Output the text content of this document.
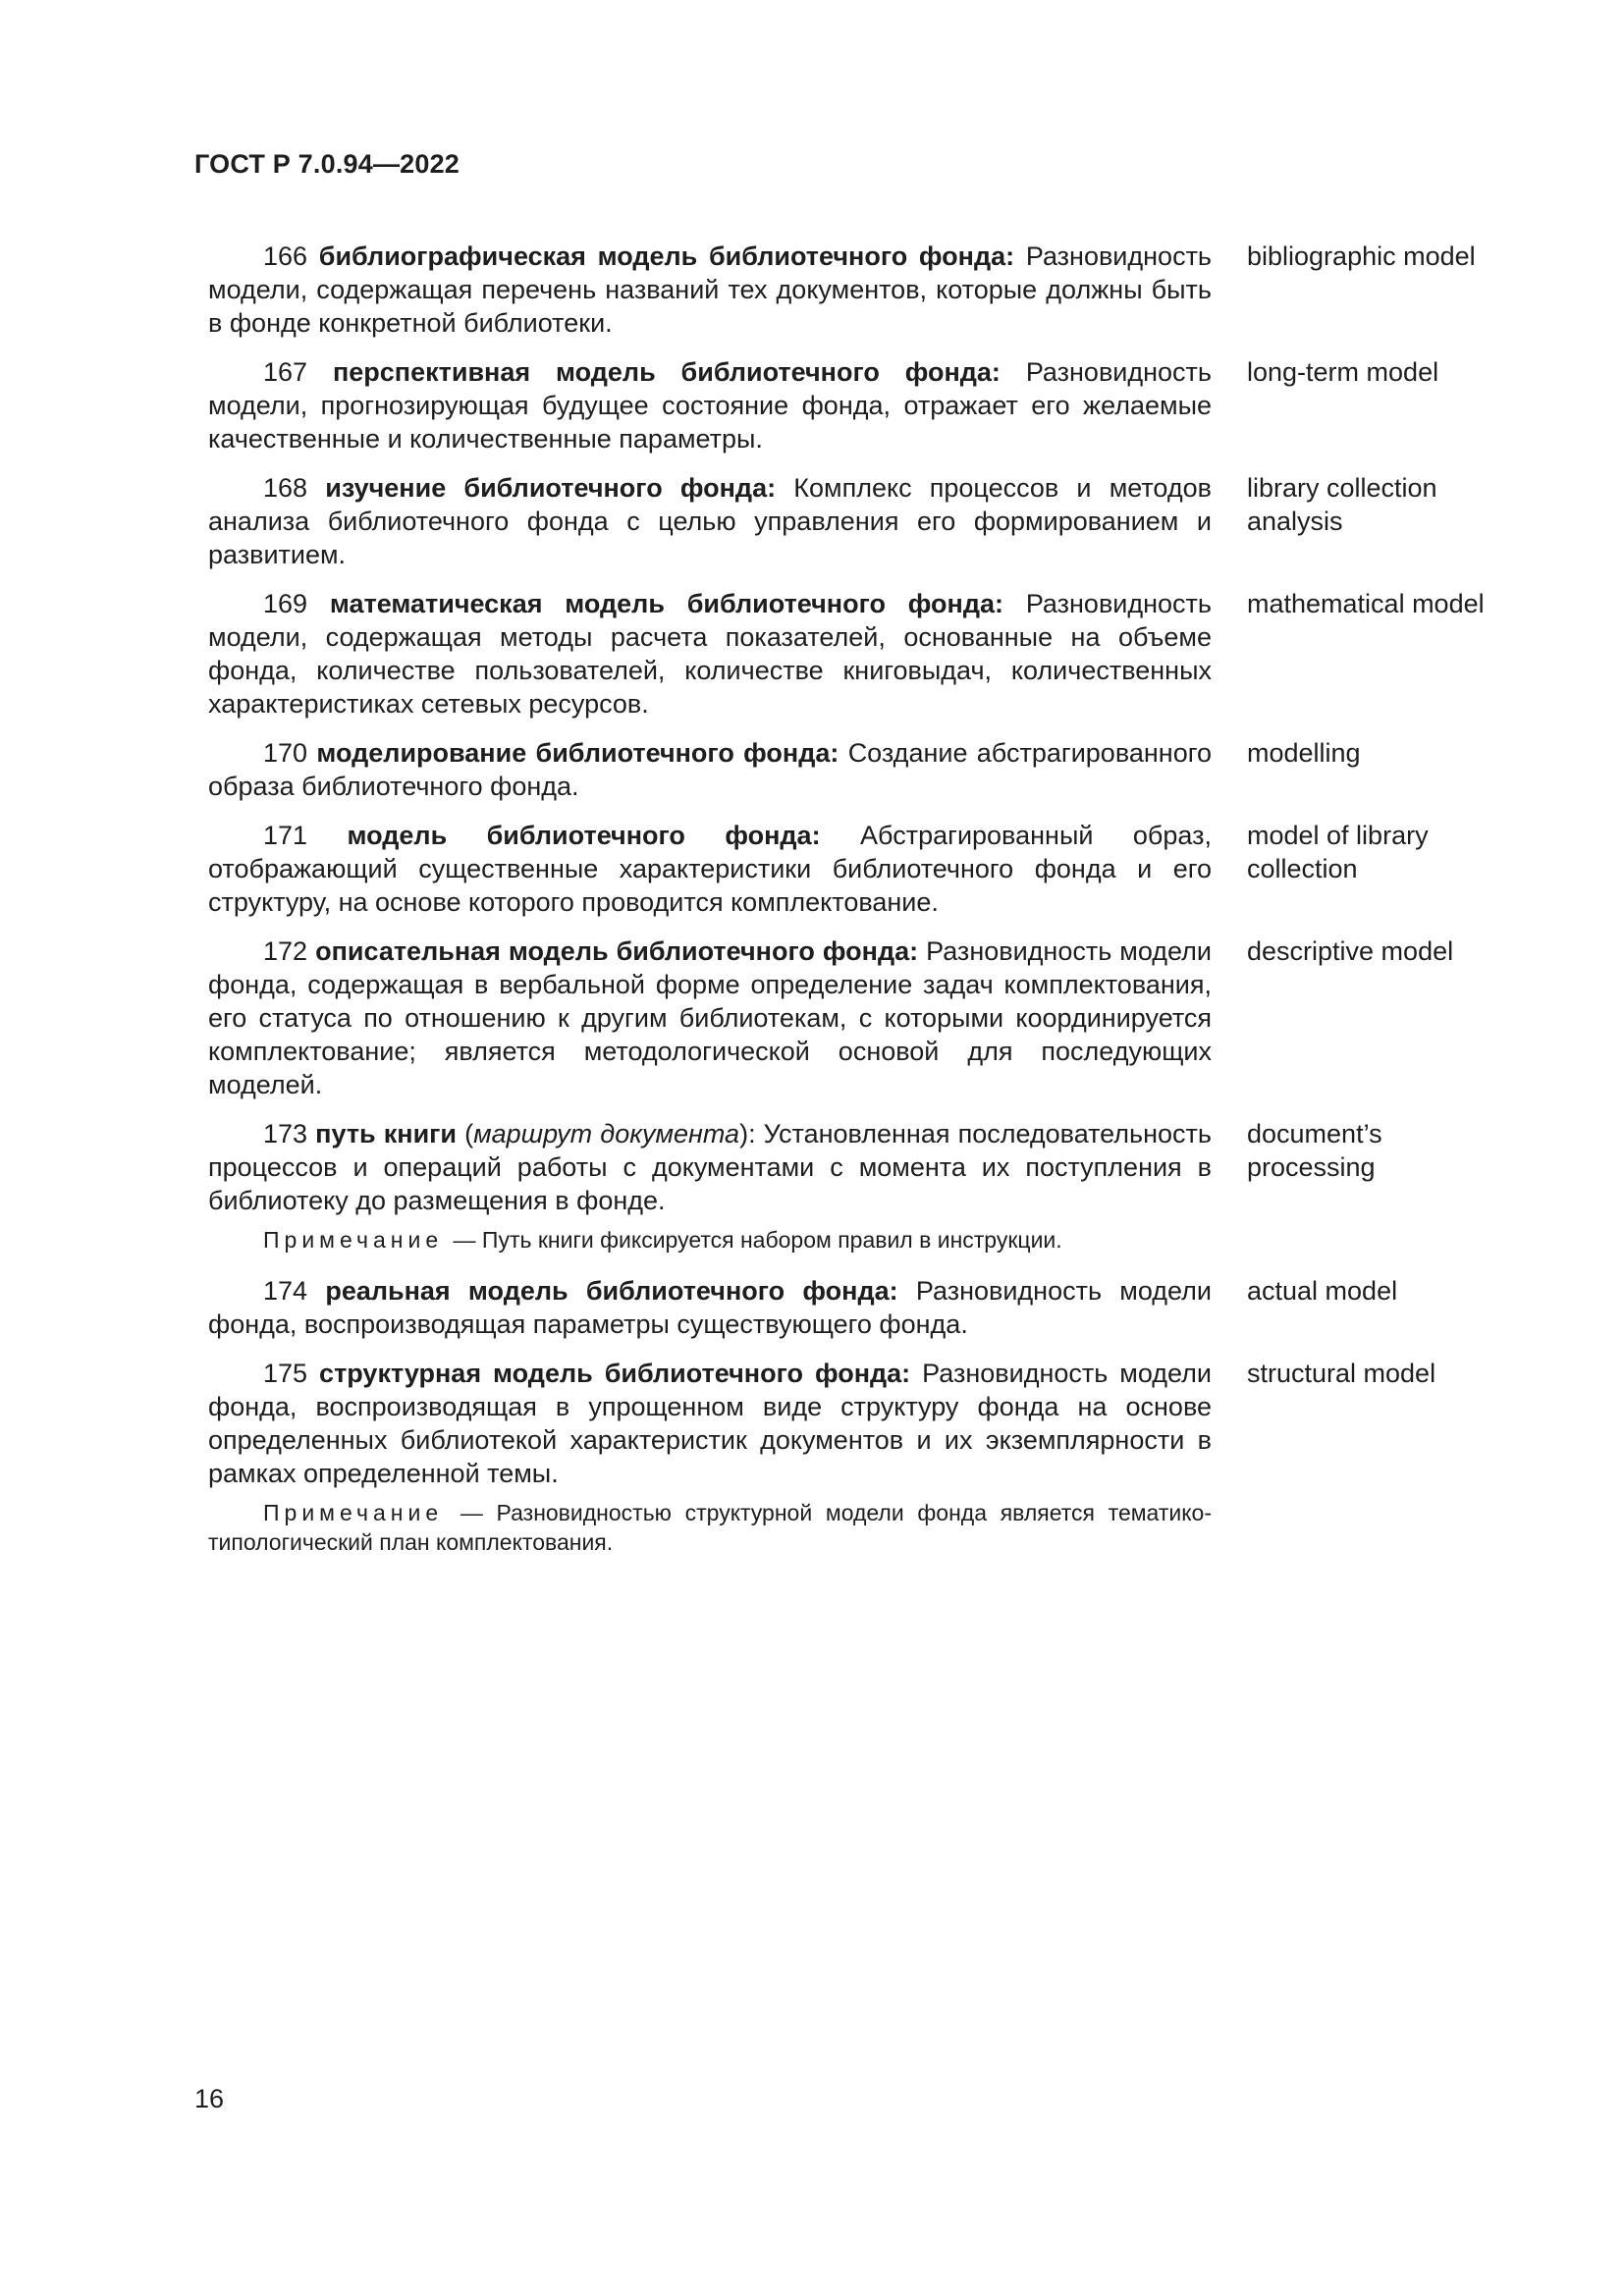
ГОСТ Р 7.0.94—2022
166 библиографическая модель библиотечного фонда: Разновидность модели, содержащая перечень названий тех документов, которые должны быть в фонде конкретной библиотеки.
bibliographic model
167 перспективная модель библиотечного фонда: Разновидность модели, прогнозирующая будущее состояние фонда, отражает его желаемые качественные и количественные параметры.
long-term model
168 изучение библиотечного фонда: Комплекс процессов и методов анализа библиотечного фонда с целью управления его формированием и развитием.
library collection analysis
169 математическая модель библиотечного фонда: Разновидность модели, содержащая методы расчета показателей, основанные на объеме фонда, количестве пользователей, количестве книговыдач, количественных характеристиках сетевых ресурсов.
mathematical model
170 моделирование библиотечного фонда: Создание абстрагированного образа библиотечного фонда.
modelling
171 модель библиотечного фонда: Абстрагированный образ, отображающий существенные характеристики библиотечного фонда и его структуру, на основе которого проводится комплектование.
model of library collection
172 описательная модель библиотечного фонда: Разновидность модели фонда, содержащая в вербальной форме определение задач комплектования, его статуса по отношению к другим библиотекам, с которыми координируется комплектование; является методологической основой для последующих моделей.
descriptive model
173 путь книги (маршрут документа): Установленная последовательность процессов и операций работы с документами с момента их поступления в библиотеку до размещения в фонде.
document’s processing
Примечание — Путь книги фиксируется набором правил в инструкции.
174 реальная модель библиотечного фонда: Разновидность модели фонда, воспроизводящая параметры существующего фонда.
actual model
175 структурная модель библиотечного фонда: Разновидность модели фонда, воспроизводящая в упрощенном виде структуру фонда на основе определенных библиотекой характеристик документов и их экземплярности в рамках определенной темы.
structural model
Примечание — Разновидностью структурной модели фонда является тематико-типологический план комплектования.
16
